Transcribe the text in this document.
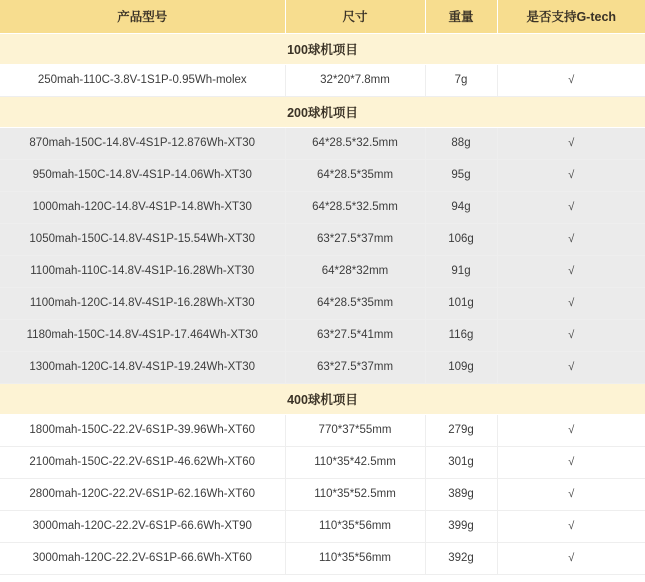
产品型号	尺寸	重量	是否支持G-tech
100球机项目			
250mah-110C-3.8V-1S1P-0.95Wh-molex	32*20*7.8mm	7g	√
200球机项目			
870mah-150C-14.8V-4S1P-12.876Wh-XT30	64*28.5*32.5mm	88g	√
950mah-150C-14.8V-4S1P-14.06Wh-XT30	64*28.5*35mm	95g	√
1000mah-120C-14.8V-4S1P-14.8Wh-XT30	64*28.5*32.5mm	94g	√
1050mah-150C-14.8V-4S1P-15.54Wh-XT30	63*27.5*37mm	106g	√
1100mah-110C-14.8V-4S1P-16.28Wh-XT30	64*28*32mm	91g	√
1100mah-120C-14.8V-4S1P-16.28Wh-XT30	64*28.5*35mm	101g	√
1180mah-150C-14.8V-4S1P-17.464Wh-XT30	63*27.5*41mm	116g	√
1300mah-120C-14.8V-4S1P-19.24Wh-XT30	63*27.5*37mm	109g	√
400球机项目			
1800mah-150C-22.2V-6S1P-39.96Wh-XT60	770*37*55mm	279g	√
2100mah-150C-22.2V-6S1P-46.62Wh-XT60	110*35*42.5mm	301g	√
2800mah-120C-22.2V-6S1P-62.16Wh-XT60	110*35*52.5mm	389g	√
3000mah-120C-22.2V-6S1P-66.6Wh-XT90	110*35*56mm	399g	√
3000mah-120C-22.2V-6S1P-66.6Wh-XT60	110*35*56mm	392g	√
